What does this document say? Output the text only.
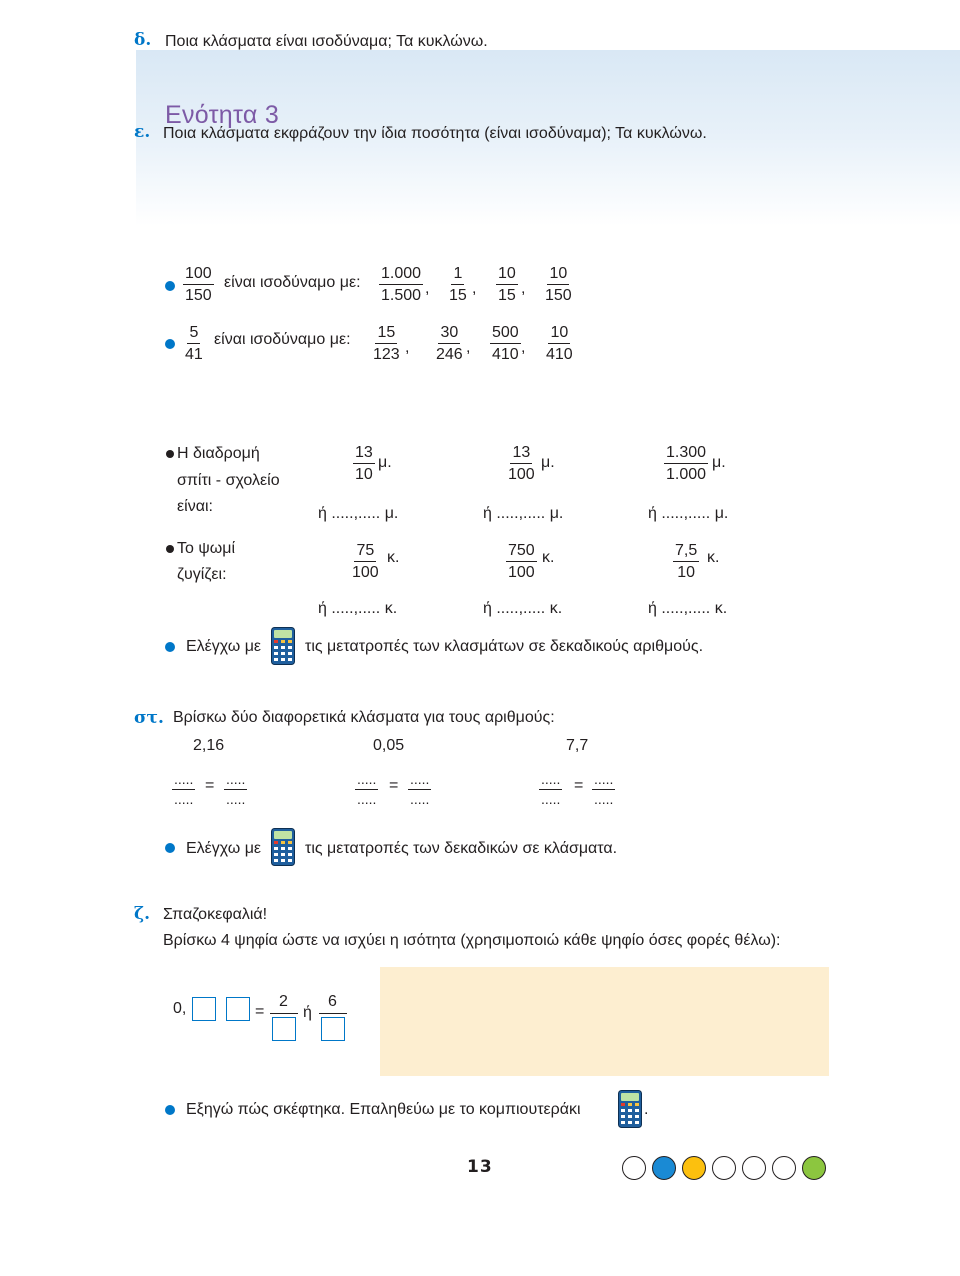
Ενότητα 3
δ. Ποια κλάσματα είναι ισοδύναμα; Τα κυκλώνω.
$\frac{100}{150}$ είναι ισοδύναμο με: $\frac{1.000}{1.500}$ , $\frac{1}{15}$ , $\frac{10}{15}$ , $\frac{10}{150}$
$\frac{5}{41}$ είναι ισοδύναμο με: $\frac{15}{123}$ , $\frac{30}{246}$ , $\frac{500}{410}$ , $\frac{10}{410}$
ε. Ποια κλάσματα εκφράζουν την ίδια ποσότητα (είναι ισοδύναμα); Τα κυκλώνω.
Η διαδρομή
σπίτι - σχολείο
είναι:
$\frac{13}{10} \mu$.	$\frac{13}{100} \mu$.	$\frac{1.300}{1.000} \mu$.
ή .....,..... μ.	ή .....,..... μ.	ή .....,..... μ.
Το ψωμί
ζυγίζει:	$\frac{75}{100} \kappa$.	$\frac{750}{100} \kappa$.	$\frac{7,5}{10} \kappa$.
ή .....,..... κ.	ή .....,..... κ.	ή .....,..... κ.
Ελέγχω με	τις μετατροπές των κλασμάτων σε δεκαδικούς αριθμούς.
στ. Βρίσκω δύο διαφορετικά κλάσματα για τους αριθμούς:
2,16	0,05	7,7
.....
.....
= .....
.....
.....
.....
= .....
.....
.....
.....
= .....
.....
Ελέγχω με	τις μετατροπές των δεκαδικών σε κλάσματα.
ζ. Σπαζοκεφαλιά!
Βρίσκω 4 ψηφία ώστε να ισχύει η ισότητα (χρησιμοποιώ κάθε ψηφίο όσες φορές θέλω):
0,	=
2
ή
6
Εξηγώ πώς σκέφτηκα. Επαληθεύω με το κομπιουτεράκι	.
13
